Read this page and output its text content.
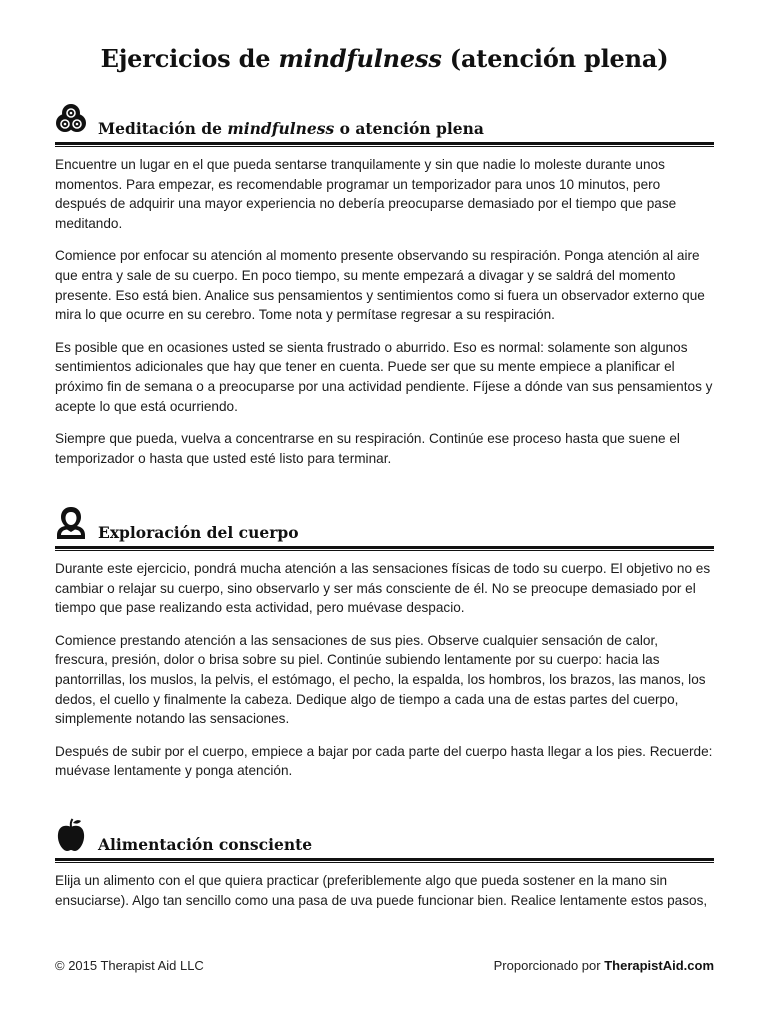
Ejercicios de mindfulness (atención plena)
Meditación de mindfulness o atención plena

Encuentre un lugar en el que pueda sentarse tranquilamente y sin que nadie lo moleste durante unos momentos. Para empezar, es recomendable programar un temporizador para unos 10 minutos, pero después de adquirir una mayor experiencia no debería preocuparse demasiado por el tiempo que pase meditando.

Comience por enfocar su atención al momento presente observando su respiración. Ponga atención al aire que entra y sale de su cuerpo. En poco tiempo, su mente empezará a divagar y se saldrá del momento presente. Eso está bien. Analice sus pensamientos y sentimientos como si fuera un observador externo que mira lo que ocurre en su cerebro. Tome nota y permítase regresar a su respiración.

Es posible que en ocasiones usted se sienta frustrado o aburrido. Eso es normal: solamente son algunos sentimientos adicionales que hay que tener en cuenta. Puede ser que su mente empiece a planificar el próximo fin de semana o a preocuparse por una actividad pendiente. Fíjese a dónde van sus pensamientos y acepte lo que está ocurriendo.

Siempre que pueda, vuelva a concentrarse en su respiración. Continúe ese proceso hasta que suene el temporizador o hasta que usted esté listo para terminar.

Exploración del cuerpo

Durante este ejercicio, pondrá mucha atención a las sensaciones físicas de todo su cuerpo. El objetivo no es cambiar o relajar su cuerpo, sino observarlo y ser más consciente de él. No se preocupe demasiado por el tiempo que pase realizando esta actividad, pero muévase despacio.

Comience prestando atención a las sensaciones de sus pies. Observe cualquier sensación de calor, frescura, presión, dolor o brisa sobre su piel. Continúe subiendo lentamente por su cuerpo: hacia las pantorrillas, los muslos, la pelvis, el estómago, el pecho, la espalda, los hombros, los brazos, las manos, los dedos, el cuello y finalmente la cabeza. Dedique algo de tiempo a cada una de estas partes del cuerpo, simplemente notando las sensaciones.

Después de subir por el cuerpo, empiece a bajar por cada parte del cuerpo hasta llegar a los pies. Recuerde: muévase lentamente y ponga atención.

Alimentación consciente

Elija un alimento con el que quiera practicar (preferiblemente algo que pueda sostener en la mano sin ensuciarse). Algo tan sencillo como una pasa de uva puede funcionar bien. Realice lentamente estos pasos,

© 2015 Therapist Aid LLC	Proporcionado por TherapistAid.com
